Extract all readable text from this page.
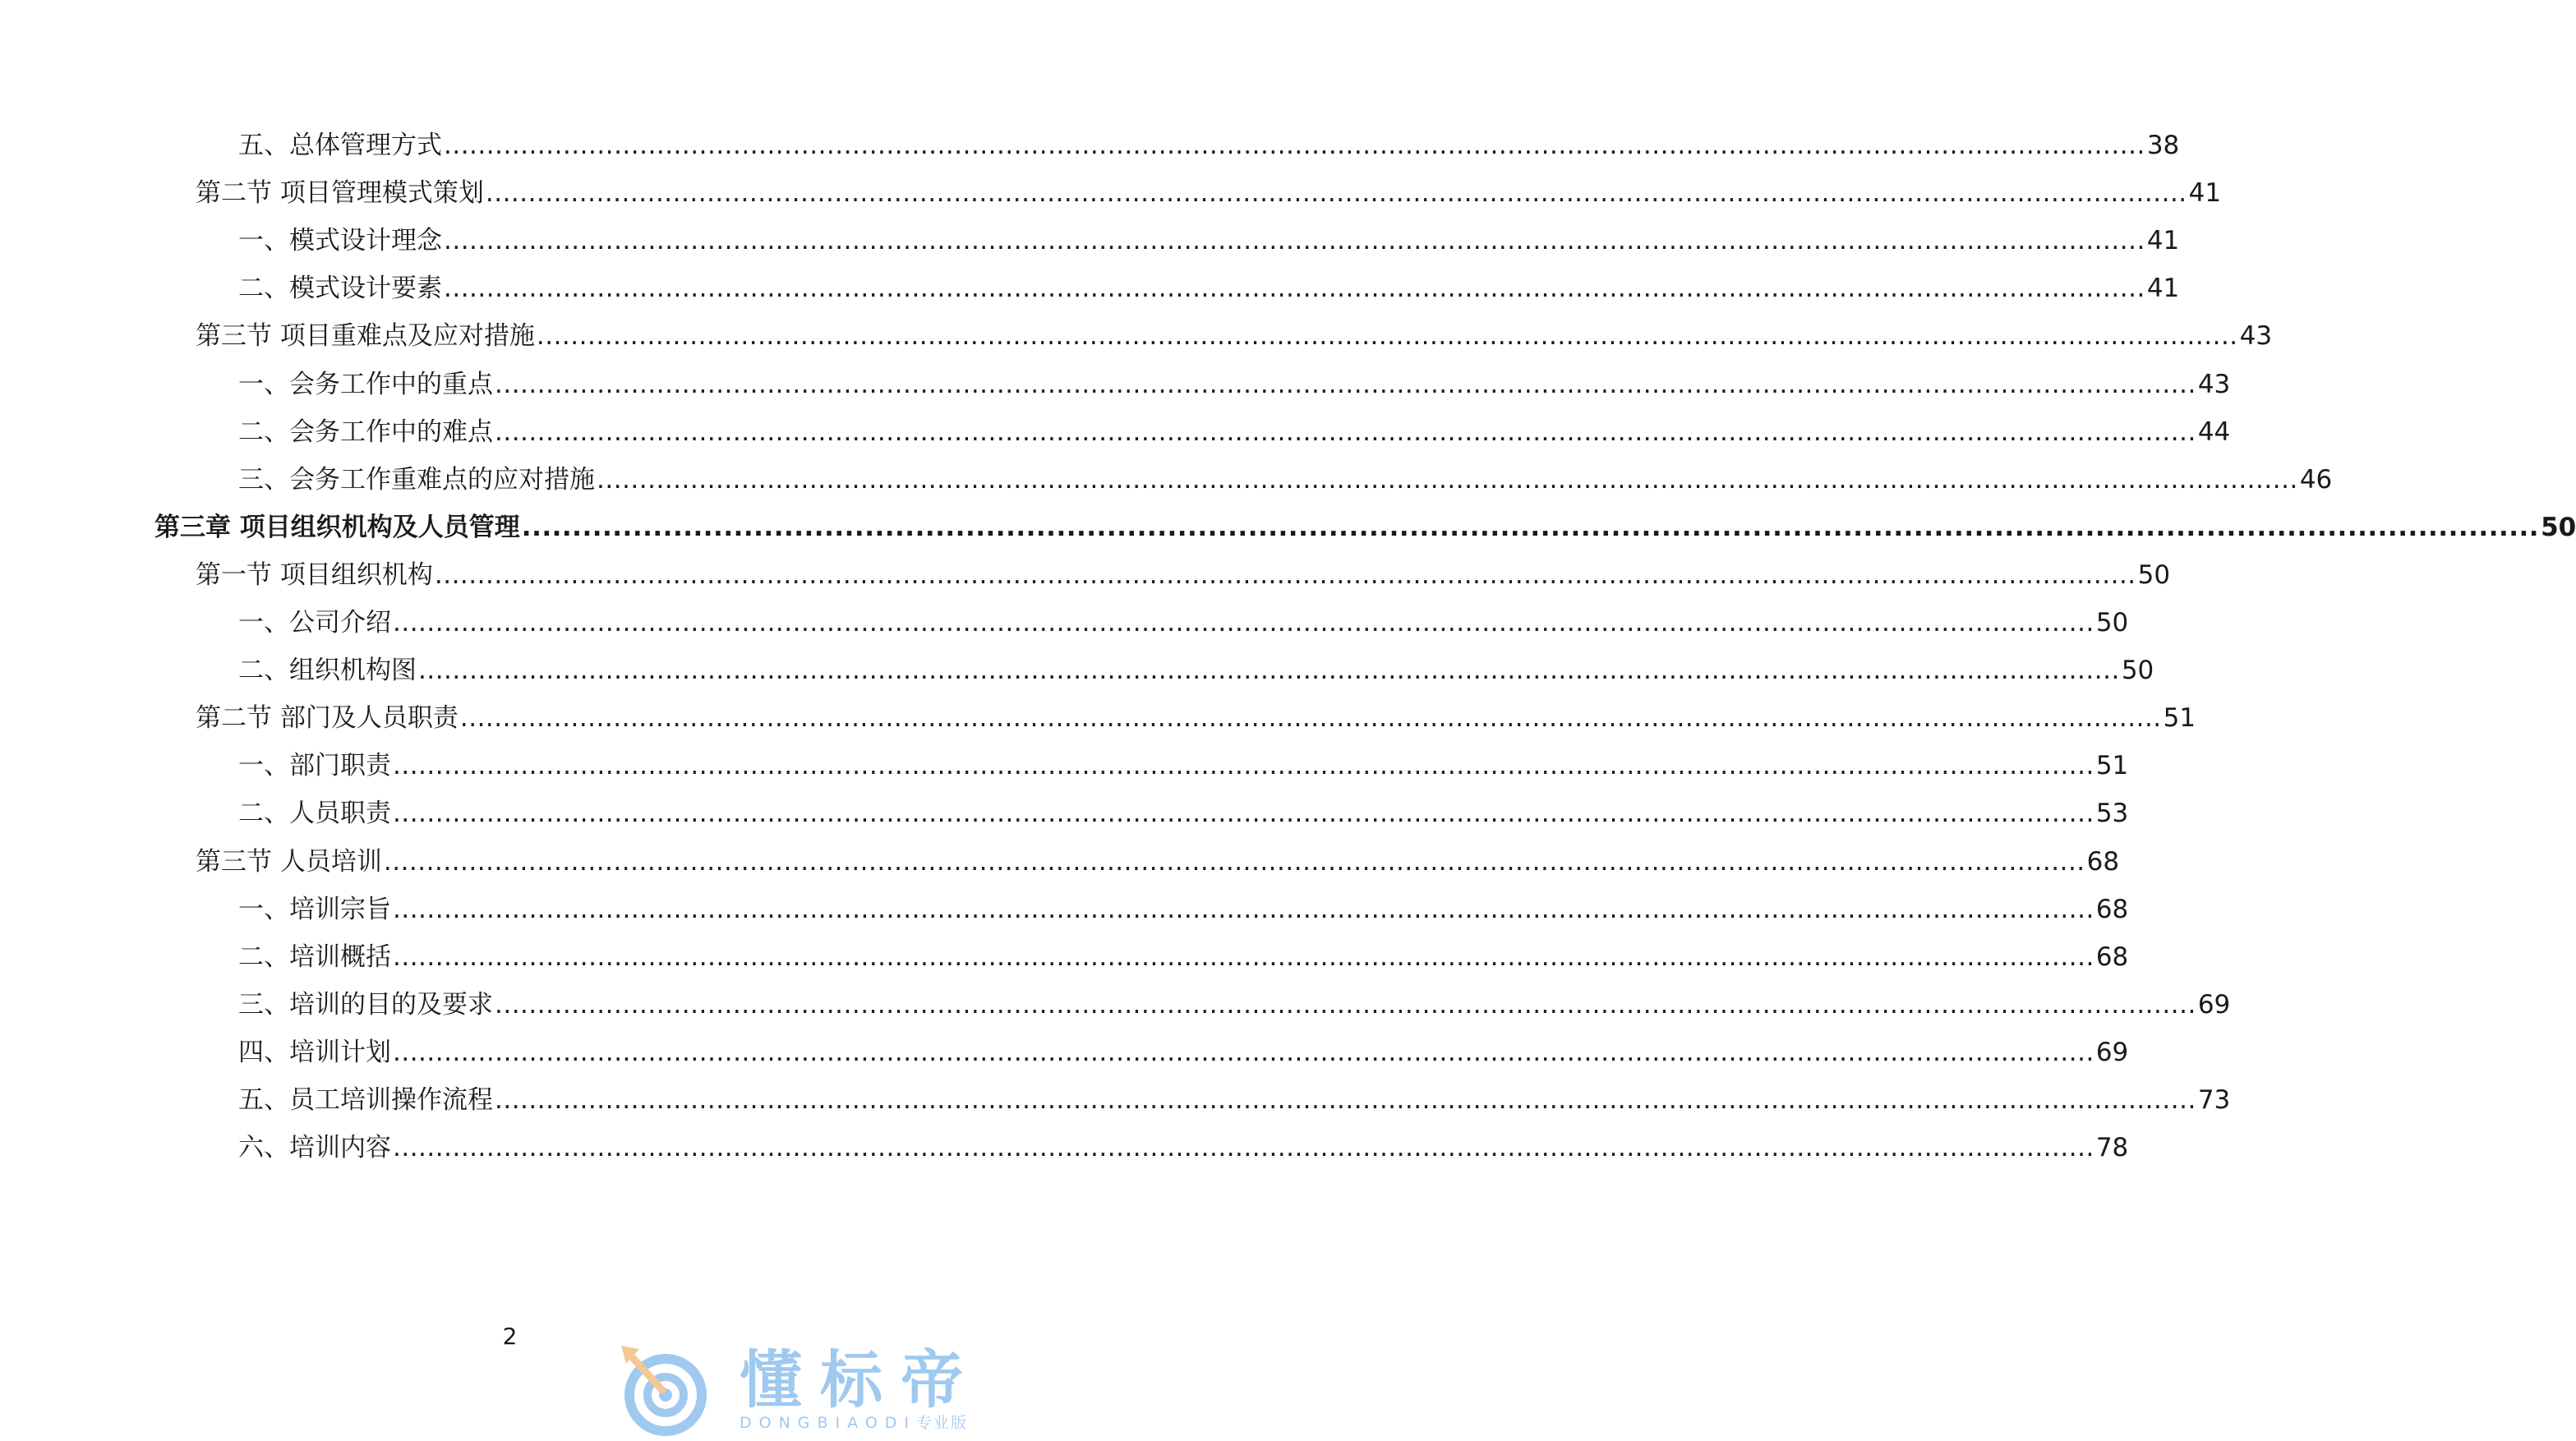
五、总体管理方式 ........................................................................................................................................................................................................ 38
第二节 项目管理模式策划 ........................................................................................................................................................................................................ 41
一、模式设计理念 ........................................................................................................................................................................................................ 41
二、模式设计要素 ........................................................................................................................................................................................................ 41
第三节 项目重难点及应对措施 ........................................................................................................................................................................................................ 43
一、会务工作中的重点 ........................................................................................................................................................................................................ 43
二、会务工作中的难点 ........................................................................................................................................................................................................ 44
三、会务工作重难点的应对措施 ........................................................................................................................................................................................................ 46
第三章 项目组织机构及人员管理 ........................................................................................................................................................................................................ 50
第一节 项目组织机构 ........................................................................................................................................................................................................ 50
一、公司介绍 ........................................................................................................................................................................................................ 50
二、组织机构图 ........................................................................................................................................................................................................ 50
第二节 部门及人员职责 ........................................................................................................................................................................................................ 51
一、部门职责 ........................................................................................................................................................................................................ 51
二、人员职责 ........................................................................................................................................................................................................ 53
第三节 人员培训 ........................................................................................................................................................................................................ 68
一、培训宗旨 ........................................................................................................................................................................................................ 68
二、培训概括 ........................................................................................................................................................................................................ 68
三、培训的目的及要求 ........................................................................................................................................................................................................ 69
四、培训计划 ........................................................................................................................................................................................................ 69
五、员工培训操作流程 ........................................................................................................................................................................................................ 73
六、培训内容 ........................................................................................................................................................................................................ 78
2
懂标帝
DONGBIAODI专业版
